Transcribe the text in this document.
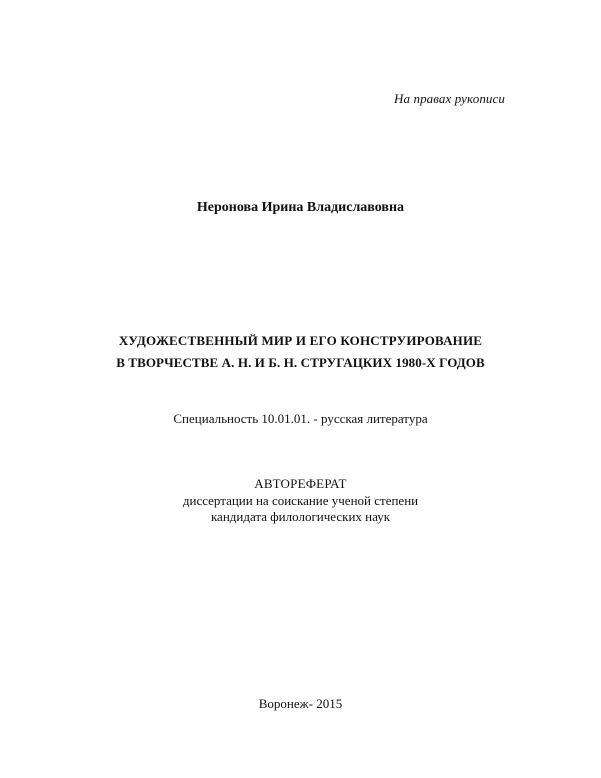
На правах рукописи
Неронова Ирина Владиславовна
ХУДОЖЕСТВЕННЫЙ МИР И ЕГО КОНСТРУИРОВАНИЕ
В ТВОРЧЕСТВЕ А. Н. И Б. Н. СТРУГАЦКИХ 1980-Х ГОДОВ
Специальность 10.01.01. - русская литература
АВТОРЕФЕРАТ
диссертации на соискание ученой степени
кандидата филологических наук
Воронеж- 2015
